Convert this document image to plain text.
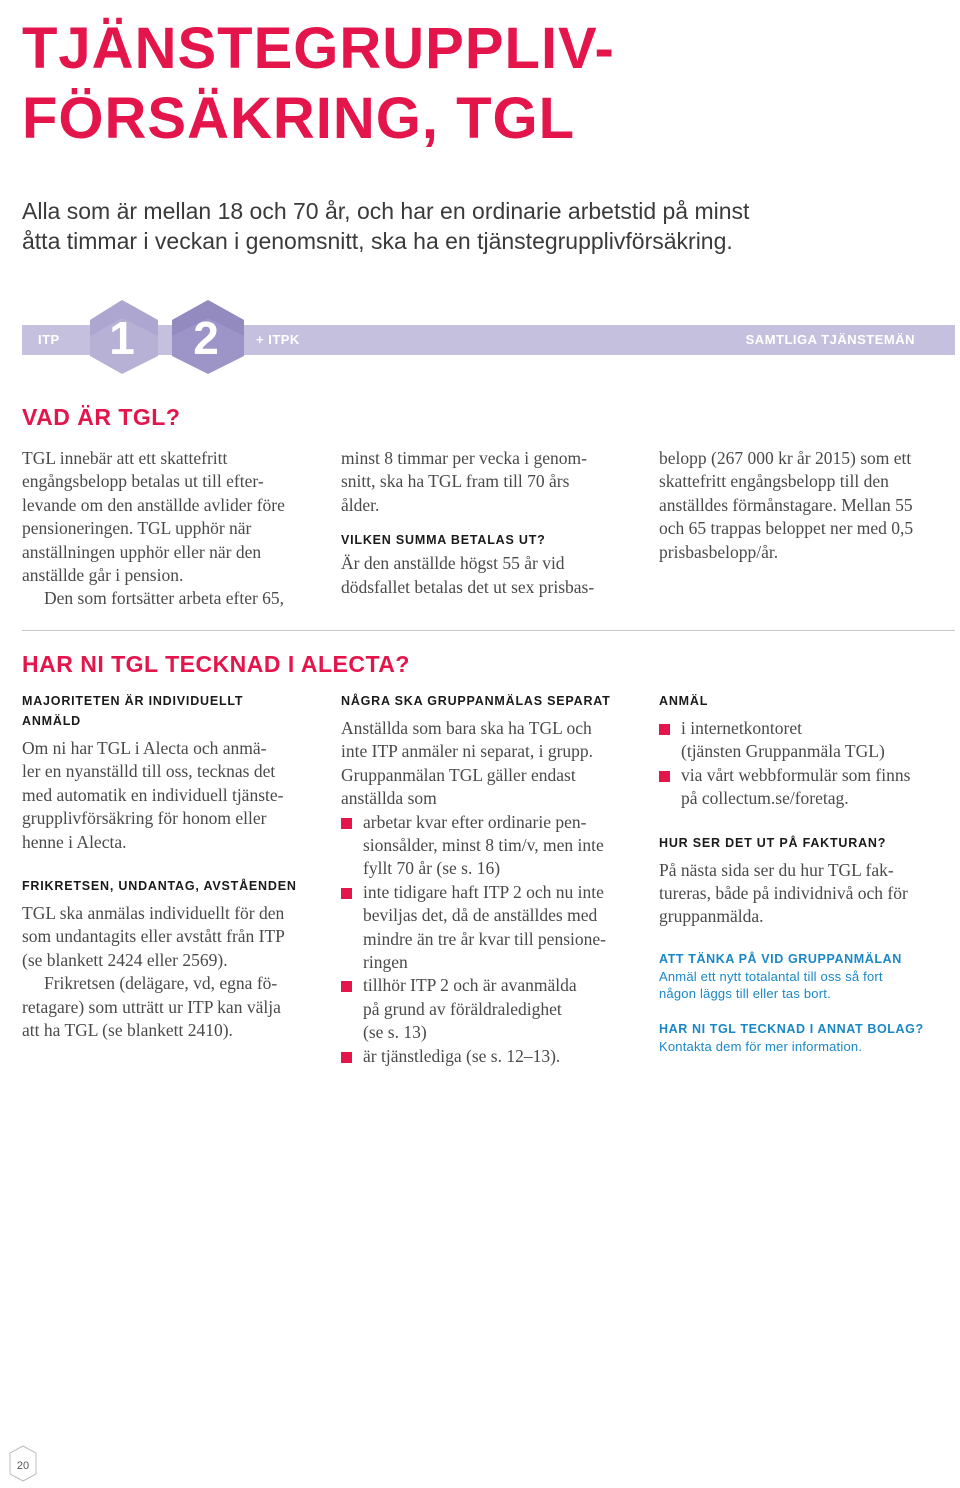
TJÄNSTEGRUPPLIV-
FÖRSÄKRING, TGL

Alla som är mellan 18 och 70 år, och har en ordinarie arbetstid på minst
åtta timmar i veckan i genomsnitt, ska ha en tjänstegrupplivförsäkring.

ITP	+ ITPK	SAMTLIGA TJÄNSTEMÄN
1 2
VAD ÄR TGL?
TGL innebär att ett skattefritt
engångsbelopp betalas ut till efter-
levande om den anställde avlider före
pensioneringen. TGL upphör när
anställningen upphör eller när den
anställde går i pension.
Den som fortsätter arbeta efter 65,
minst 8 timmar per vecka i genom-
snitt, ska ha TGL fram till 70 års
ålder.
VILKEN SUMMA BETALAS UT?
Är den anställde högst 55 år vid
dödsfallet betalas det ut sex prisbas-
belopp (267 000 kr år 2015) som ett
skattefritt engångsbelopp till den
anställdes förmånstagare. Mellan 55
och 65 trappas beloppet ner med 0,5
prisbasbelopp/år.
HAR NI TGL TECKNAD I ALECTA?
MAJORITETEN ÄR INDIVIDUELLT
ANMÄLD
Om ni har TGL i Alecta och anmä-
ler en nyanställd till oss, tecknas det
med automatik en individuell tjänste-
grupplivförsäkring för honom eller
henne i Alecta.
FRIKRETSEN, UNDANTAG, AVSTÅENDEN
TGL ska anmälas individuellt för den
som undantagits eller avstått från ITP
(se blankett 2424 eller 2569).
Frikretsen (delägare, vd, egna fö-
retagare) som utträtt ur ITP kan välja
att ha TGL (se blankett 2410).
NÅGRA SKA GRUPPANMÄLAS SEPARAT
Anställda som bara ska ha TGL och
inte ITP anmäler ni separat, i grupp.
Gruppanmälan TGL gäller endast
anställda som
arbetar kvar efter ordinarie pen-
sionsålder, minst 8 tim/v, men inte
fyllt 70 år (se s. 16)
inte tidigare haft ITP 2 och nu inte
beviljas det, då de anställdes med
mindre än tre år kvar till pensione-
ringen
tillhör ITP 2 och är avanmälda
på grund av föräldraledighet
(se s. 13)
är tjänstlediga (se s. 12–13).
ANMÄL
i internetkontoret
(tjänsten Gruppanmäla TGL)
via vårt webbformulär som finns
på collectum.se/foretag.
HUR SER DET UT PÅ FAKTURAN?
På nästa sida ser du hur TGL fak-
tureras, både på individnivå och för
gruppanmälda.
ATT TÄNKA PÅ VID GRUPPANMÄLAN

Anmäl ett nytt totalantal till oss så fort
någon läggs till eller tas bort.

HAR NI TGL TECKNAD I ANNAT BOLAG?

Kontakta dem för mer information.

20
